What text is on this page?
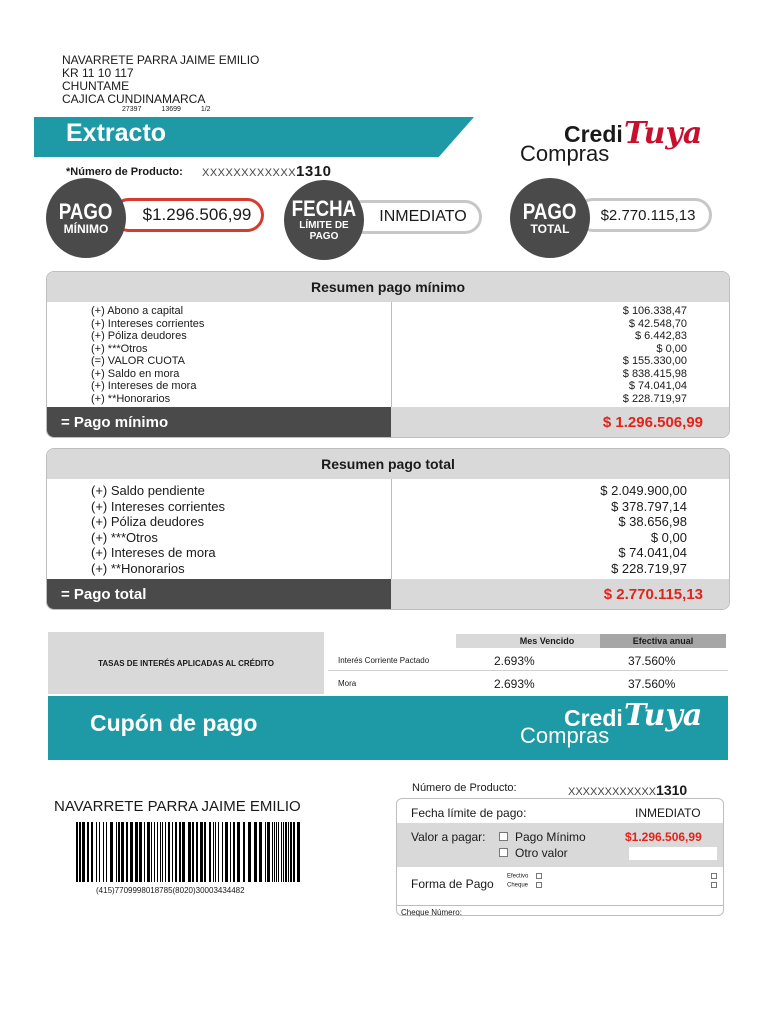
NAVARRETE PARRA JAIME EMILIO
KR 11 10 117
CHUNTAME
CAJICA CUNDINAMARCA
27397	13699	1/2
Extracto	Credi
Compras
Tuya
*Número de Producto: XXXXXXXXXXXX1310
$1.296.506,99
PAGO
MÍNIMO
INMEDIATO
FECHA
LÍMITE DE
PAGO
$2.770.115,13
PAGO
TOTAL
Resumen pago mínimo
(+) Abono a capital	$ 106.338,47
(+) Intereses corrientes	$ 42.548,70
(+) Póliza deudores	$ 6.442,83
(+) ***Otros	$ 0,00
(=) VALOR CUOTA	$ 155.330,00
(+) Saldo en mora	$ 838.415,98
(+) Intereses de mora	$ 74.041,04
(+) **Honorarios	$ 228.719,97
= Pago mínimo	$ 1.296.506,99
Resumen pago total
(+) Saldo pendiente	$ 2.049.900,00
(+) Intereses corrientes	$ 378.797,14
(+) Póliza deudores	$ 38.656,98
(+) ***Otros	$ 0,00
(+) Intereses de mora	$ 74.041,04
(+) **Honorarios	$ 228.719,97
= Pago total	$ 2.770.115,13
TASAS DE INTERÉS APLICADAS AL CRÉDITO
Mes Vencido	Efectiva anual
Interés Corriente Pactado	2.693%	37.560%
Mora	2.693%	37.560%
Cupón de pago	Credi
Compras
Tuya
NAVARRETE PARRA JAIME EMILIO
(415)7709998018785(8020)30003434482
Número de Producto:	XXXXXXXXXXXX1310
Fecha límite de pago:	INMEDIATO
Valor a pagar: Pago Mínimo	$1.296.506,99
Otro valor
Forma de Pago
Efectivo
Cheque
Cheque Número:
